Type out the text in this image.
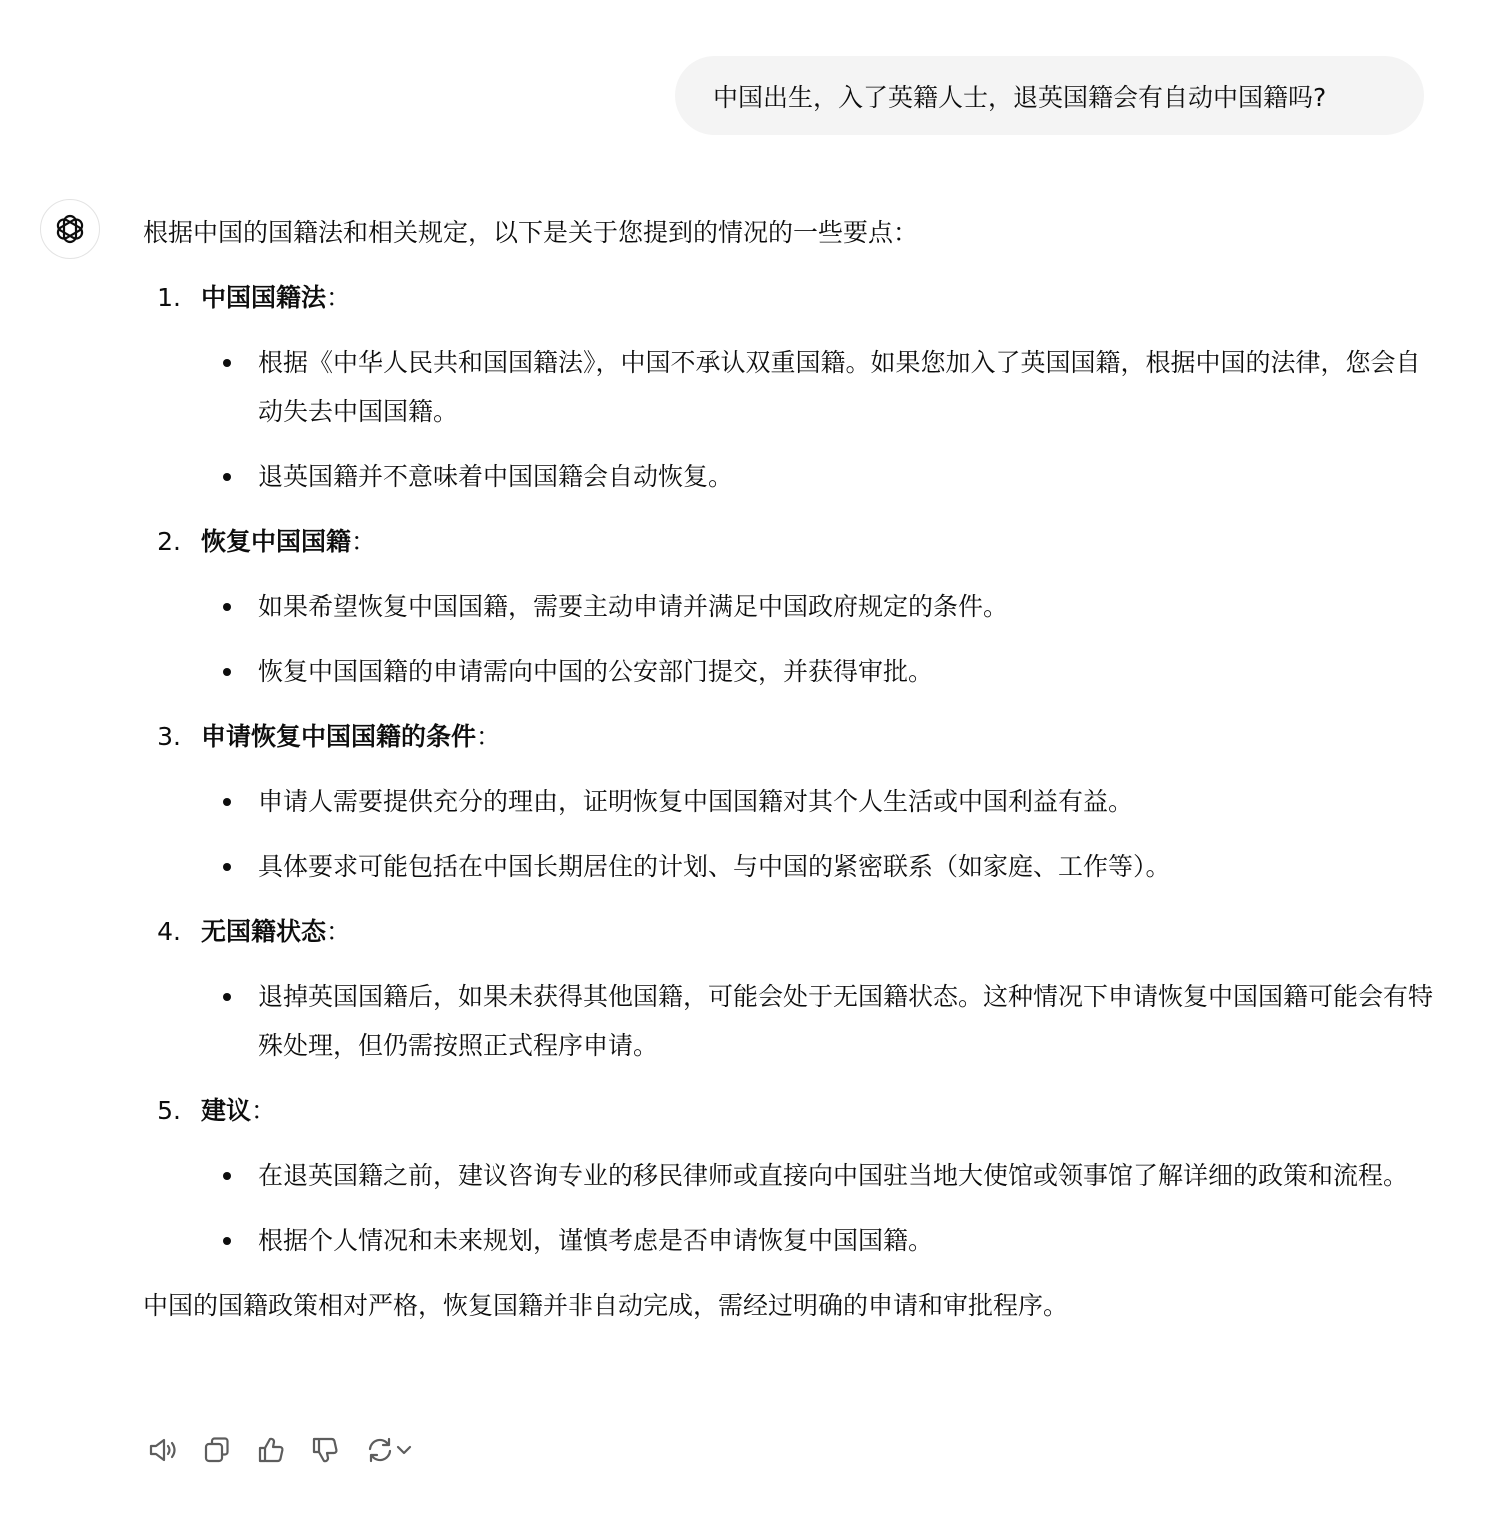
中国出生，入了英籍人士，退英国籍会有自动中国籍吗?

根据中国的国籍法和相关规定，以下是关于您提到的情况的一些要点：

1. 中国国籍法：
根据《中华人民共和国国籍法》，中国不承认双重国籍。如果您加入了英国国籍，根据中国的法律，您会自动失去中国国籍。
退英国籍并不意味着中国国籍会自动恢复。
2. 恢复中国国籍：
如果希望恢复中国国籍，需要主动申请并满足中国政府规定的条件。
恢复中国国籍的申请需向中国的公安部门提交，并获得审批。
3. 申请恢复中国国籍的条件：
申请人需要提供充分的理由，证明恢复中国国籍对其个人生活或中国利益有益。
具体要求可能包括在中国长期居住的计划、与中国的紧密联系（如家庭、工作等）。
4. 无国籍状态：
退掉英国国籍后，如果未获得其他国籍，可能会处于无国籍状态。这种情况下申请恢复中国国籍可能会有特殊处理，但仍需按照正式程序申请。
5. 建议：
在退英国籍之前，建议咨询专业的移民律师或直接向中国驻当地大使馆或领事馆了解详细的政策和流程。
根据个人情况和未来规划，谨慎考虑是否申请恢复中国国籍。

中国的国籍政策相对严格，恢复国籍并非自动完成，需经过明确的申请和审批程序。
